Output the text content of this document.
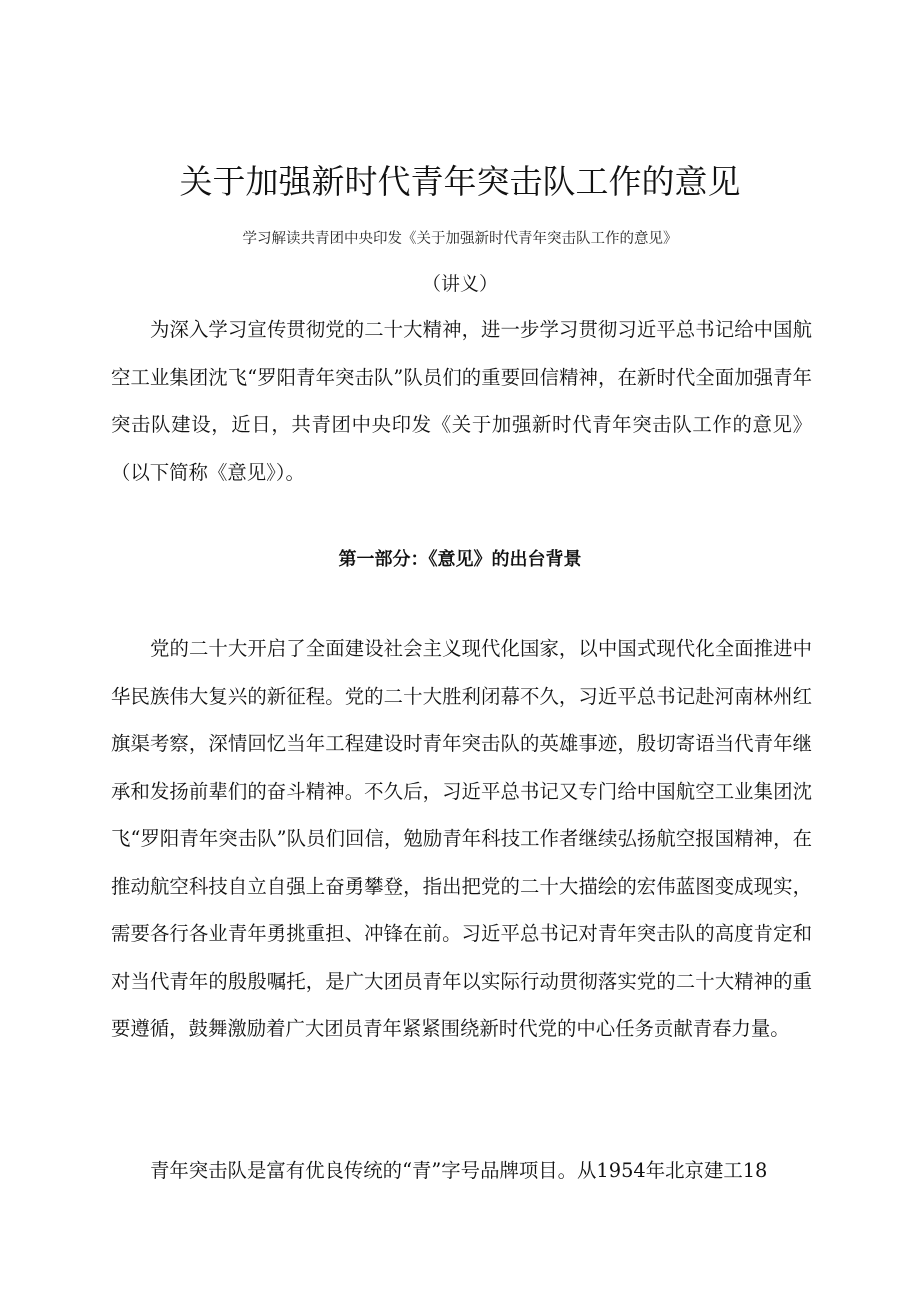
关于加强新时代青年突击队工作的意见
学习解读共青团中央印发《关于加强新时代青年突击队工作的意见》
（讲义）

为深入学习宣传贯彻党的二十大精神，进一步学习贯彻习近平总书记给中国航空工业集团沈飞“罗阳青年突击队”队员们的重要回信精神，在新时代全面加强青年突击队建设，近日，共青团中央印发《关于加强新时代青年突击队工作的意见》（以下简称《意见》）。

第一部分：《意见》的出台背景

党的二十大开启了全面建设社会主义现代化国家，以中国式现代化全面推进中华民族伟大复兴的新征程。党的二十大胜利闭幕不久，习近平总书记赴河南林州红旗渠考察，深情回忆当年工程建设时青年突击队的英雄事迹，殷切寄语当代青年继承和发扬前辈们的奋斗精神。不久后，习近平总书记又专门给中国航空工业集团沈飞“罗阳青年突击队”队员们回信，勉励青年科技工作者继续弘扬航空报国精神，在推动航空科技自立自强上奋勇攀登，指出把党的二十大描绘的宏伟蓝图变成现实，需要各行各业青年勇挑重担、冲锋在前。习近平总书记对青年突击队的高度肯定和对当代青年的殷殷嘱托，是广大团员青年以实际行动贯彻落实党的二十大精神的重要遵循，鼓舞激励着广大团员青年紧紧围绕新时代党的中心任务贡献青春力量。

青年突击队是富有优良传统的“青”字号品牌项目。从1954年北京建工18
